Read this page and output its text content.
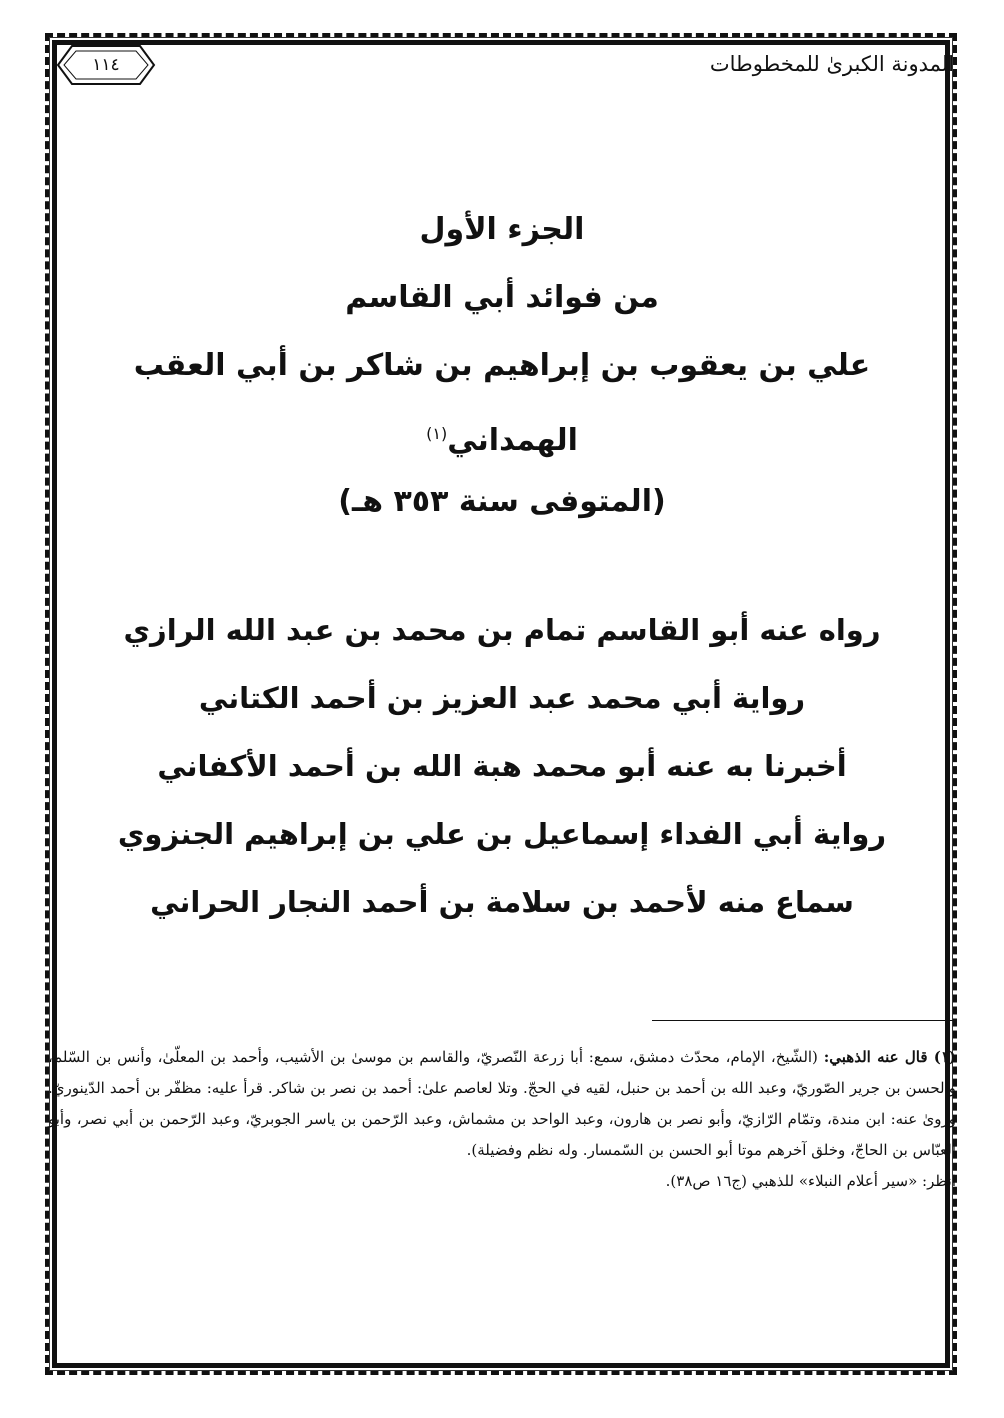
المدونة الكبرىٰ للمخطوطات
١١٤
الجزء الأول
من فوائد أبي القاسم
علي بن يعقوب بن إبراهيم بن شاكر بن أبي العقب
الهمداني$^{(١)}$
(المتوفى سنة ٣٥٣ هـ)
رواه عنه أبو القاسم تمام بن محمد بن عبد الله الرازي
رواية أبي محمد عبد العزيز بن أحمد الكتاني
أخبرنا به عنه أبو محمد هبة الله بن أحمد الأكفاني
رواية أبي الفداء إسماعيل بن علي بن إبراهيم الجنزوي
سماع منه لأحمد بن سلامة بن أحمد النجار الحراني

(١) قال عنه الذهبي: (الشّيخ، الإمام، محدّث دمشق، سمع: أبا زرعة النّصريّ، والقاسم بن موسىٰ بن الأشيب، وأحمد بن المعلّىٰ، وأنس بن السّلم، والحسن بن جرير الصّوريّ، وعبد الله بن أحمد بن حنبل، لقيه في الحجّ. وتلا لعاصم علىٰ: أحمد بن نصر بن شاكر. قرأ عليه: مظفّر بن أحمد الدّينوريّ. وروىٰ عنه: ابن مندة، وتمّام الرّازيّ، وأبو نصر بن هارون، وعبد الواحد بن مشماش، وعبد الرّحمن بن ياسر الجوبريّ، وعبد الرّحمن بن أبي نصر، وأبو العبّاس بن الحاجّ، وخلق آخرهم موتا أبو الحسن بن السّمسار. وله نظم وفضيلة).

انظر: «سير أعلام النبلاء» للذهبي (ج١٦ ص٣٨).
